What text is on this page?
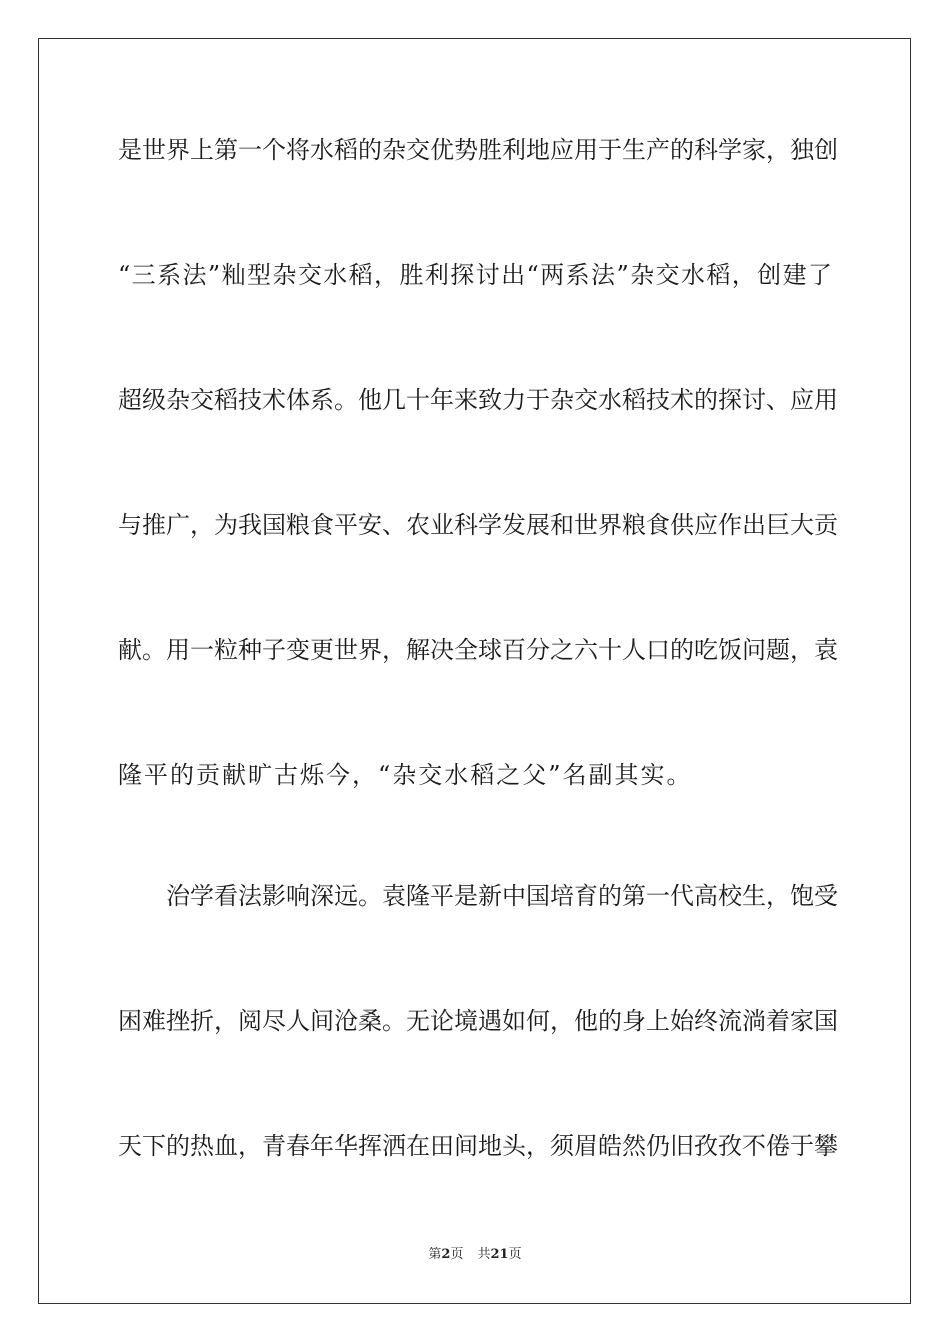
是世界上第一个将水稻的杂交优势胜利地应用于生产的科学家，独创
“三系法”籼型杂交水稻，胜利探讨出“两系法”杂交水稻，创建了
超级杂交稻技术体系。他几十年来致力于杂交水稻技术的探讨、应用
与推广，为我国粮食平安、农业科学发展和世界粮食供应作出巨大贡
献。用一粒种子变更世界，解决全球百分之六十人口的吃饭问题，袁
隆平的贡献旷古烁今，“杂交水稻之父”名副其实。
治学看法影响深远。袁隆平是新中国培育的第一代高校生，饱受
困难挫折，阅尽人间沧桑。无论境遇如何，他的身上始终流淌着家国
天下的热血，青春年华挥洒在田间地头，须眉皓然仍旧孜孜不倦于攀
第2页 共21页
